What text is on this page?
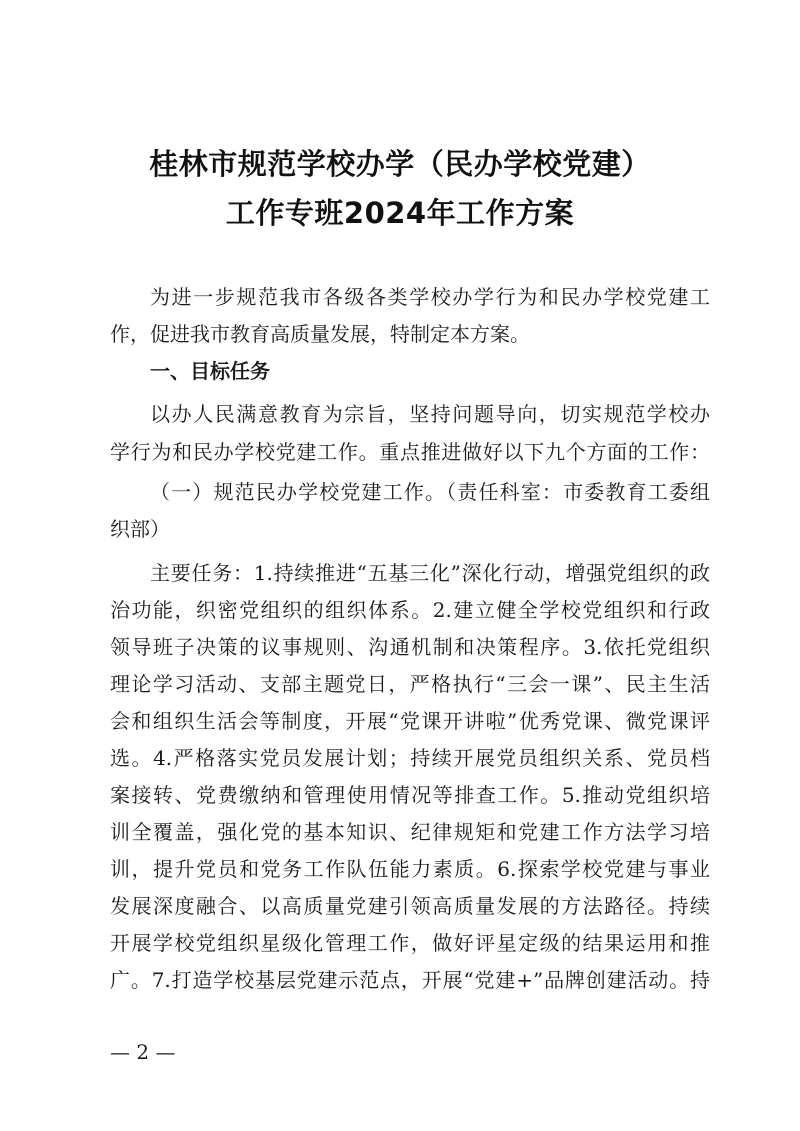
桂林市规范学校办学（民办学校党建）
工作专班2024年工作方案
为进一步规范我市各级各类学校办学行为和民办学校党建工
作，促进我市教育高质量发展，特制定本方案。
一、目标任务
以办人民满意教育为宗旨，坚持问题导向，切实规范学校办
学行为和民办学校党建工作。重点推进做好以下九个方面的工作：
（一）规范民办学校党建工作。（责任科室：市委教育工委组
织部）
主要任务：1.持续推进“五基三化”深化行动，增强党组织的政
治功能，织密党组织的组织体系。2.建立健全学校党组织和行政
领导班子决策的议事规则、沟通机制和决策程序。3.依托党组织
理论学习活动、支部主题党日，严格执行“三会一课”、民主生活
会和组织生活会等制度，开展“党课开讲啦”优秀党课、微党课评
选。4.严格落实党员发展计划；持续开展党员组织关系、党员档
案接转、党费缴纳和管理使用情况等排查工作。5.推动党组织培
训全覆盖，强化党的基本知识、纪律规矩和党建工作方法学习培
训，提升党员和党务工作队伍能力素质。6.探索学校党建与事业
发展深度融合、以高质量党建引领高质量发展的方法路径。持续
开展学校党组织星级化管理工作，做好评星定级的结果运用和推
广。7.打造学校基层党建示范点，开展“党建+”品牌创建活动。持
— 2 —
